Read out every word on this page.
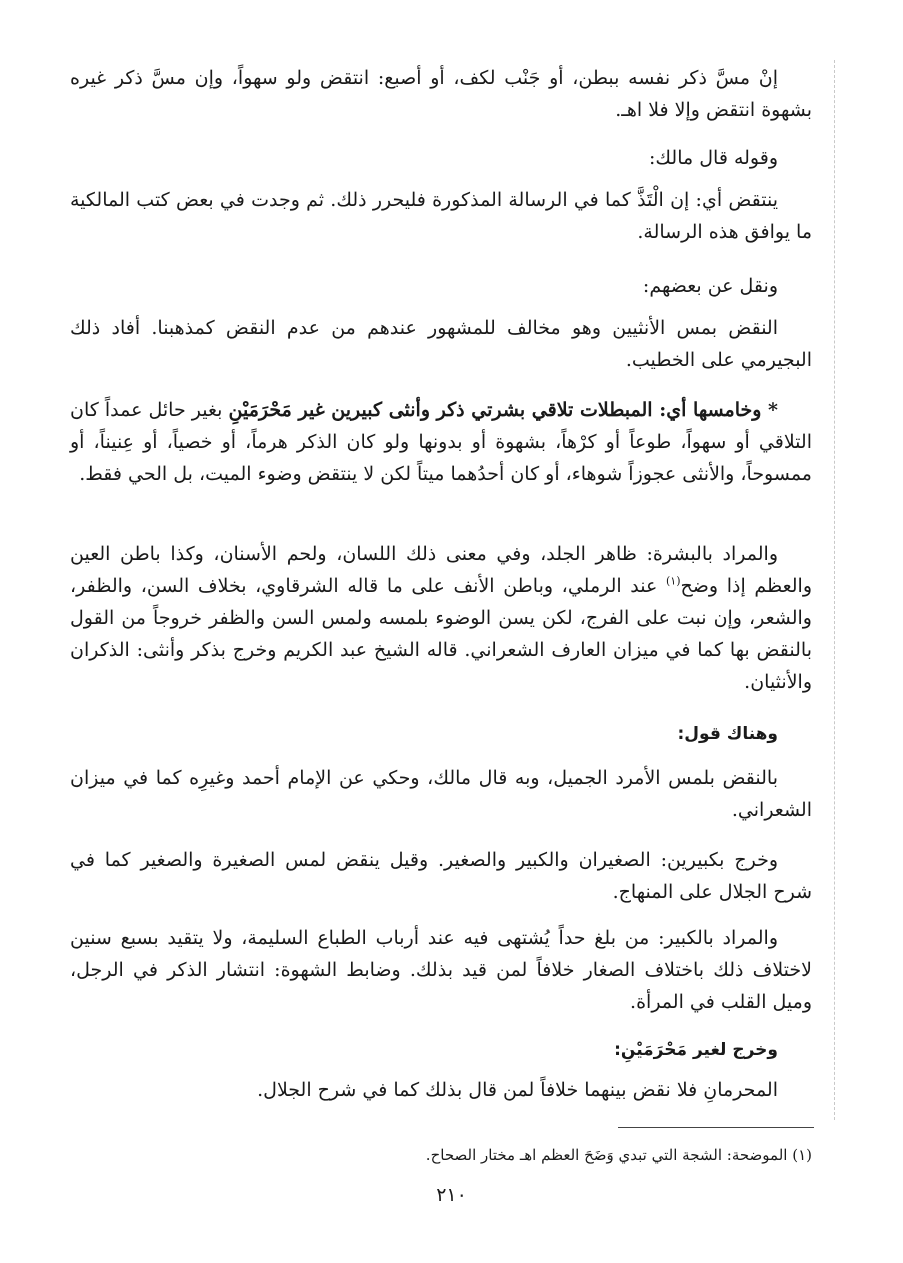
إنْ مسَّ ذكر نفسه ببطن، أو جَنْب لكف، أو أصبع: انتقض ولو سهواً، وإن مسَّ ذكر غيره بشهوة انتقض وإلا فلا اهـ.

وقوله قال مالك:

ينتقض أي: إن الْتَذَّ كما في الرسالة المذكورة فليحرر ذلك. ثم وجدت في بعض كتب المالكية ما يوافق هذه الرسالة.

ونقل عن بعضهم:

النقض بمس الأنثيين وهو مخالف للمشهور عندهم من عدم النقض كمذهبنا. أفاد ذلك البجيرمي على الخطيب.

* وخامسها أي: المبطلات تلاقي بشرتي ذكر وأنثى كبيرين غير مَحْرَمَيْنِ بغير حائل عمداً كان التلاقي أو سهواً، طوعاً أو كرْهاً، بشهوة أو بدونها ولو كان الذكر هرماً، أو خصياً، أو عِنيناً، أو ممسوحاً، والأنثى عجوزاً شوهاء، أو كان أحدُهما ميتاً لكن لا ينتقض وضوء الميت، بل الحي فقط.

والمراد بالبشرة: ظاهر الجلد، وفي معنى ذلك اللسان، ولحم الأسنان، وكذا باطن العين والعظم إذا وضح$^{(١)}$ عند الرملي، وباطن الأنف على ما قاله الشرقاوي، بخلاف السن، والظفر، والشعر، وإن نبت على الفرج، لكن يسن الوضوء بلمسه ولمس السن والظفر خروجاً من القول بالنقض بها كما في ميزان العارف الشعراني. قاله الشيخ عبد الكريم وخرج بذكر وأنثى: الذكران والأنثيان.

وهناك قول:

بالنقض بلمس الأمرد الجميل، وبه قال مالك، وحكي عن الإمام أحمد وغيرِه كما في ميزان الشعراني.

وخرج بكبيرين: الصغيران والكبير والصغير. وقيل ينقض لمس الصغيرة والصغير كما في شرح الجلال على المنهاج.

والمراد بالكبير: من بلغ حداً يُشتهى فيه عند أرباب الطباع السليمة، ولا يتقيد بسبع سنين لاختلاف ذلك باختلاف الصغار خلافاً لمن قيد بذلك. وضابط الشهوة: انتشار الذكر في الرجل، وميل القلب في المرأة.

وخرج لغير مَحْرَمَيْنِ:

المحرمانِ فلا نقض بينهما خلافاً لمن قال بذلك كما في شرح الجلال.

(١) الموضحة: الشجة التي تبدي وَضَحَ العظم اهـ مختار الصحاح.
٢١٠
